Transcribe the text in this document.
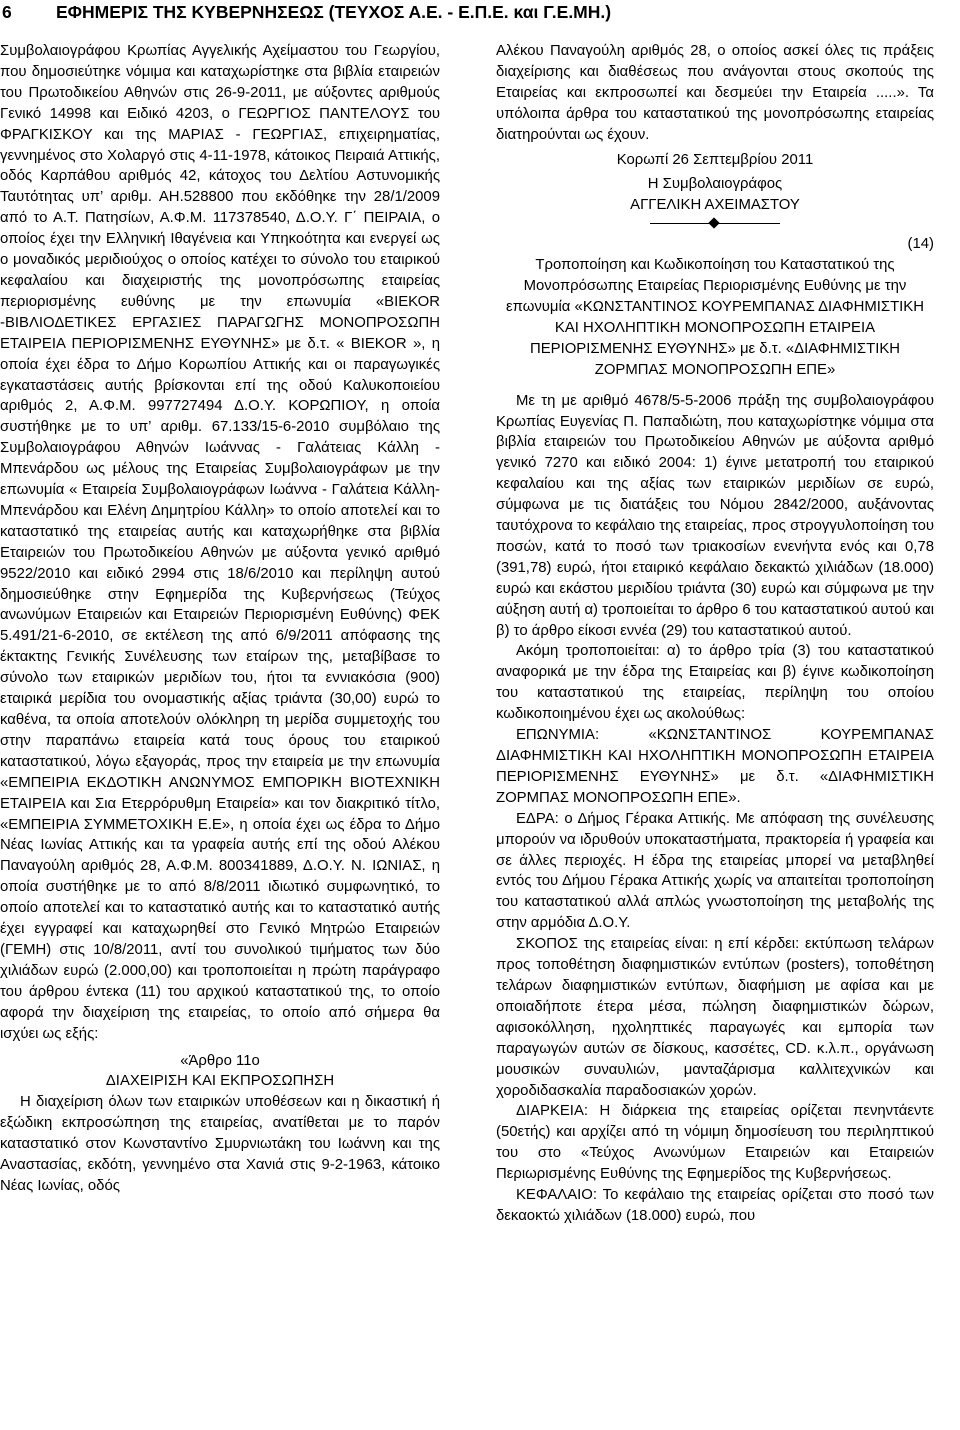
6	ΕΦΗΜΕΡΙΣ ΤΗΣ ΚΥΒΕΡΝΗΣΕΩΣ (ΤΕΥΧΟΣ Α.Ε. - Ε.Π.Ε. και Γ.Ε.ΜΗ.)

Συμβολαιογράφου Κρωπίας Αγγελικής Αχείμαστου του Γεωργίου, που δημοσιεύτηκε νόμιμα και καταχωρίστηκε στα βιβλία εταιρειών του Πρωτοδικείου Αθηνών στις 26-9-2011, με αύξοντες αριθμούς Γενικό 14998 και Ειδικό 4203, ο ΓΕΩΡΓΙΟΣ ΠΑΝΤΕΛΟΥΣ του ΦΡΑΓΚΙΣΚΟΥ και της ΜΑΡΙΑΣ - ΓΕΩΡΓΙΑΣ, επιχειρηματίας, γεννημένος στο Χολαργό στις 4-11-1978, κάτοικος Πειραιά Αττικής, οδός Καρπάθου αριθμός 42, κάτοχος του Δελτίου Αστυνομικής Ταυτότητας υπ’ αριθμ. ΑΗ.528800 που εκδόθηκε την 28/1/2009 από το Α.Τ. Πατησίων, Α.Φ.Μ. 117378540, Δ.Ο.Υ. Γ΄ ΠΕΙΡΑΙΑ, ο οποίος έχει την Ελληνική Ιθαγένεια και Υπηκοότητα και ενεργεί ως ο μοναδικός μεριδιούχος ο οποίος κατέχει το σύνολο του εταιρικού κεφαλαίου και διαχειριστής της μονοπρόσωπης εταιρείας περιορισμένης ευθύνης με την επωνυμία «ΒΙΕΚΟR -ΒΙΒΛΙΟΔΕΤΙΚΕΣ ΕΡΓΑΣΙΕΣ ΠΑΡΑΓΩΓΗΣ ΜΟΝΟΠΡΟΣΩΠΗ ΕΤΑΙΡΕΙΑ ΠΕΡΙΟΡΙΣΜΕΝΗΣ ΕΥΘΥΝΗΣ» με δ.τ. « ΒΙΕΚΟR », η οποία έχει έδρα το Δήμο Κορωπίου Αττικής και οι παραγωγικές εγκαταστάσεις αυτής βρίσκονται επί της οδού Καλυκοποιείου αριθμός 2, Α.Φ.Μ. 997727494 Δ.Ο.Υ. ΚΟΡΩΠΙΟΥ, η οποία συστήθηκε με το υπ’ αριθμ. 67.133/15-6-2010 συμβόλαιο της Συμβολαιογράφου Αθηνών Ιωάννας - Γαλάτειας Κάλλη - Μπενάρδου ως μέλους της Εταιρείας Συμβολαιογράφων με την επωνυμία « Εταιρεία Συμβολαιογράφων Ιωάννα - Γαλάτεια Κάλλη-Μπενάρδου και Ελένη Δημητρίου Κάλλη» το οποίο αποτελεί και το καταστατικό της εταιρείας αυτής και καταχωρήθηκε στα βιβλία Εταιρειών του Πρωτοδικείου Αθηνών με αύξοντα γενικό αριθμό 9522/2010 και ειδικό 2994 στις 18/6/2010 και περίληψη αυτού δημοσιεύθηκε στην Εφημερίδα της Κυβερνήσεως (Τεύχος ανωνύμων Εταιρειών και Εταιρειών Περιορισμένη Ευθύνης) ΦΕΚ 5.491/21-6-2010, σε εκτέλεση της από 6/9/2011 απόφασης της έκτακτης Γενικής Συνέλευσης των εταίρων της, μεταβίβασε το σύνολο των εταιρικών μεριδίων του, ήτοι τα εννιακόσια (900) εταιρικά μερίδια του ονομαστικής αξίας τριάντα (30,00) ευρώ το καθένα, τα οποία αποτελούν ολόκληρη τη μερίδα συμμετοχής του στην παραπάνω εταιρεία κατά τους όρους του εταιρικού καταστατικού, λόγω εξαγοράς, προς την εταιρεία με την επωνυμία «ΕΜΠΕΙΡΙΑ ΕΚΔΟΤΙΚΗ ΑΝΩΝΥΜΟΣ ΕΜΠΟΡΙΚΗ ΒΙΟΤΕΧΝΙΚΗ ΕΤΑΙΡΕΙΑ και Σια Ετερρόρυθμη Εταιρεία» και τον διακριτικό τίτλο, «ΕΜΠΕΙΡΙΑ ΣΥΜΜΕΤΟΧΙΚΗ Ε.Ε», η οποία έχει ως έδρα το Δήμο Νέας Ιωνίας Αττικής και τα γραφεία αυτής επί της οδού Αλέκου Παναγούλη αριθμός 28, Α.Φ.Μ. 800341889, Δ.Ο.Υ. Ν. ΙΩΝΙΑΣ, η οποία συστήθηκε με το από 8/8/2011 ιδιωτικό συμφωνητικό, το οποίο αποτελεί και το καταστατικό αυτής και το καταστατικό αυτής έχει εγγραφεί και καταχωρηθεί στο Γενικό Μητρώο Εταιρειών (ΓΕΜΗ) στις 10/8/2011, αντί του συνολικού τιμήματος των δύο χιλιάδων ευρώ (2.000,00) και τροποποιείται η πρώτη παράγραφο του άρθρου έντεκα (11) του αρχικού καταστατικού της, το οποίο αφορά την διαχείριση της εταιρείας, το οποίο από σήμερα θα ισχύει ως εξής:

«Άρθρο 11ο

ΔΙΑΧΕΙΡΙΣΗ ΚΑΙ ΕΚΠΡΟΣΩΠΗΣΗ

Η διαχείριση όλων των εταιρικών υποθέσεων και η δικαστική ή εξώδικη εκπροσώπηση της εταιρείας, ανατίθεται με το παρόν καταστατικό στον Κωνσταντίνο Σμυρνιωτάκη του Ιωάννη και της Αναστασίας, εκδότη, γεννημένο στα Χανιά στις 9-2-1963, κάτοικο Νέας Ιωνίας, οδός

Αλέκου Παναγούλη αριθμός 28, ο οποίος ασκεί όλες τις πράξεις διαχείρισης και διαθέσεως που ανάγονται στους σκοπούς της Εταιρείας και εκπροσωπεί και δεσμεύει την Εταιρεία .....». Τα υπόλοιπα άρθρα του καταστατικού της μονοπρόσωπης εταιρείας διατηρούνται ως έχουν.

Κορωπί 26 Σεπτεμβρίου 2011

Η Συμβολαιογράφος

ΑΓΓΕΛΙΚΗ ΑΧΕΙΜΑΣΤΟΥ

(14)

Τροποποίηση και Κωδικοποίηση του Καταστατικού της Μονοπρόσωπης Εταιρείας Περιορισμένης Ευθύνης με την επωνυμία «ΚΩΝΣΤΑΝΤΙΝΟΣ ΚΟΥΡΕΜΠΑΝΑΣ ΔΙΑΦΗΜΙΣΤΙΚΗ ΚΑΙ ΗΧΟΛΗΠΤΙΚΗ ΜΟΝΟΠΡΟΣΩΠΗ ΕΤΑΙΡΕΙΑ ΠΕΡΙΟΡΙΣΜΕΝΗΣ ΕΥΘΥΝΗΣ» με δ.τ. «ΔΙΑΦΗΜΙΣΤΙΚΗ ΖΟΡΜΠΑΣ ΜΟΝΟΠΡΟΣΩΠΗ ΕΠΕ»

Με τη με αριθμό 4678/5-5-2006 πράξη της συμβολαιογράφου Κρωπίας Ευγενίας Π. Παπαδιώτη, που καταχωρίστηκε νόμιμα στα βιβλία εταιρειών του Πρωτοδικείου Αθηνών με αύξοντα αριθμό γενικό 7270 και ειδικό 2004: 1) έγινε μετατροπή του εταιρικού κεφαλαίου και της αξίας των εταιρικών μεριδίων σε ευρώ, σύμφωνα με τις διατάξεις του Νόμου 2842/2000, αυξάνοντας ταυτόχρονα το κεφάλαιο της εταιρείας, προς στρογγυλοποίηση του ποσών, κατά το ποσό των τριακοσίων ενενήντα ενός και 0,78 (391,78) ευρώ, ήτοι εταιρικό κεφάλαιο δεκακτώ χιλιάδων (18.000) ευρώ και εκάστου μεριδίου τριάντα (30) ευρώ και σύμφωνα με την αύξηση αυτή α) τροποιείται το άρθρο 6 του καταστατικού αυτού και β) το άρθρο είκοσι εννέα (29) του καταστατικού αυτού.

Ακόμη τροποποιείται: α) το άρθρο τρία (3) του καταστατικού αναφορικά με την έδρα της Εταιρείας και β) έγινε κωδικοποίηση του καταστατικού της εταιρείας, περίληψη του οποίου κωδικοποιημένου έχει ως ακολούθως:

ΕΠΩΝΥΜΙΑ: «ΚΩΝΣΤΑΝΤΙΝΟΣ ΚΟΥΡΕΜΠΑΝΑΣ ΔΙΑΦΗΜΙΣΤΙΚΗ ΚΑΙ ΗΧΟΛΗΠΤΙΚΗ ΜΟΝΟΠΡΟΣΩΠΗ ΕΤΑΙΡΕΙΑ ΠΕΡΙΟΡΙΣΜΕΝΗΣ ΕΥΘΥΝΗΣ» με δ.τ. «ΔΙΑΦΗΜΙΣΤΙΚΗ ΖΟΡΜΠΑΣ ΜΟΝΟΠΡΟΣΩΠΗ ΕΠΕ».

ΕΔΡΑ: ο Δήμος Γέρακα Αττικής. Με απόφαση της συνέλευσης μπορούν να ιδρυθούν υποκαταστήματα, πρακτορεία ή γραφεία και σε άλλες περιοχές. Η έδρα της εταιρείας μπορεί να μεταβληθεί εντός του Δήμου Γέρακα Αττικής χωρίς να απαιτείται τροποποίηση του καταστατικού αλλά απλώς γνωστοποίηση της μεταβολής της στην αρμόδια Δ.Ο.Υ.

ΣΚΟΠΟΣ της εταιρείας είναι: η επί κέρδει: εκτύπωση τελάρων προς τοποθέτηση διαφημιστικών εντύπων (posters), τοποθέτηση τελάρων διαφημιστικών εντύπων, διαφήμιση με αφίσα και με οποιαδήποτε έτερα μέσα, πώληση διαφημιστικών δώρων, αφισοκόλληση, ηχοληπτικές παραγωγές και εμπορία των παραγωγών αυτών σε δίσκους, κασσέτες, CD. κ.λ.π., οργάνωση μουσικών συναυλιών, μανταζάρισμα καλλιτεχνικών και χοροδιδασκαλία παραδοσιακών χορών.

ΔΙΑΡΚΕΙΑ: Η διάρκεια της εταιρείας ορίζεται πενηντάεντε (50ετής) και αρχίζει από τη νόμιμη δημοσίευση του περιληπτικού του στο «Τεύχος Ανωνύμων Εταιρειών και Εταιρειών Περιωρισμένης Ευθύνης της Εφημερίδος της Κυβερνήσεως.

ΚΕΦΑΛΑΙΟ: Το κεφάλαιο της εταιρείας ορίζεται στο ποσό των δεκαοκτώ χιλιάδων (18.000) ευρώ, που
